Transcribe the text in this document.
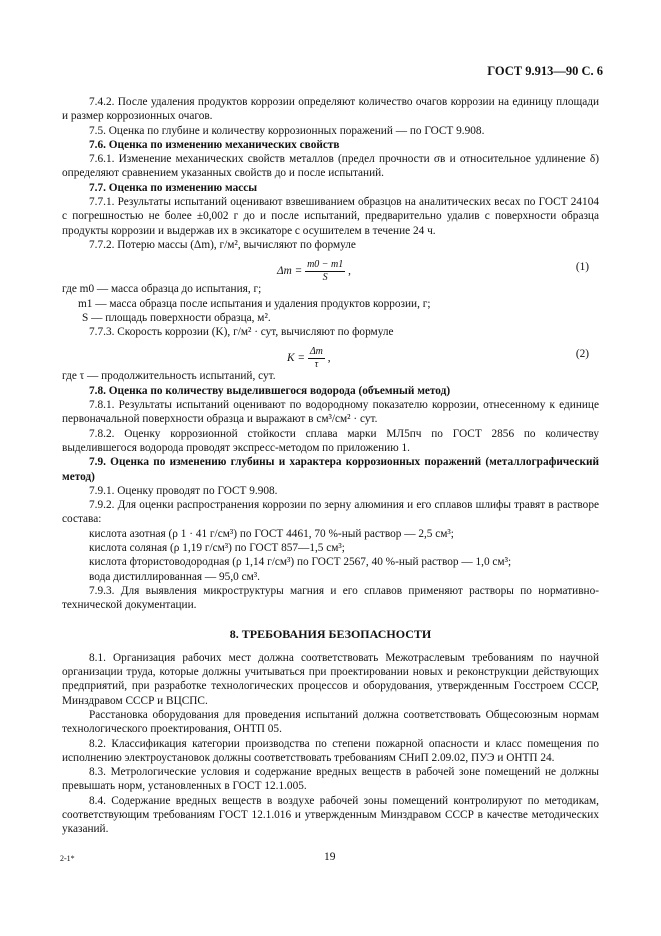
ГОСТ 9.913—90 С. 6

7.4.2. После удаления продуктов коррозии определяют количество очагов коррозии на единицу площади и размер коррозионных очагов.

7.5. Оценка по глубине и количеству коррозионных поражений — по ГОСТ 9.908.

7.6. Оценка по изменению механических свойств

7.6.1. Изменение механических свойств металлов (предел прочности σв и относительное удлинение δ) определяют сравнением указанных свойств до и после испытаний.

7.7. Оценка по изменению массы

7.7.1. Результаты испытаний оценивают взвешиванием образцов на аналитических весах по ГОСТ 24104 с погрешностью не более ±0,002 г до и после испытаний, предварительно удалив с поверхности образца продукты коррозии и выдержав их в эксикаторе с осушителем в течение 24 ч.

7.7.2. Потерю массы (Δm), г/м², вычисляют по формуле

$\Delta m = \frac{m0 - m1}{S}$ ,	(1)

где m0 — масса образца до испытания, г;

m1 — масса образца после испытания и удаления продуктов коррозии, г;

S — площадь поверхности образца, м².

7.7.3. Скорость коррозии (K), г/м² · сут, вычисляют по формуле

$K = \frac{\Delta m}{\tau}$ ,	(2)

где τ — продолжительность испытаний, сут.

7.8. Оценка по количеству выделившегося водорода (объемный метод)

7.8.1. Результаты испытаний оценивают по водородному показателю коррозии, отнесенному к единице первоначальной поверхности образца и выражают в см³/см² · сут.

7.8.2. Оценку коррозионной стойкости сплава марки МЛ5пч по ГОСТ 2856 по количеству выделившегося водорода проводят экспресс-методом по приложению 1.

7.9. Оценка по изменению глубины и характера коррозионных поражений (металлографический метод)

7.9.1. Оценку проводят по ГОСТ 9.908.

7.9.2. Для оценки распространения коррозии по зерну алюминия и его сплавов шлифы травят в растворе состава:

кислота азотная (ρ 1 · 41 г/см³) по ГОСТ 4461, 70 %-ный раствор — 2,5 см³;

кислота соляная (ρ 1,19 г/см³) по ГОСТ 857—1,5 см³;

кислота фтористоводородная (ρ 1,14 г/см³) по ГОСТ 2567, 40 %-ный раствор — 1,0 см³;

вода дистиллированная — 95,0 см³.

7.9.3. Для выявления микроструктуры магния и его сплавов применяют растворы по нормативно-технической документации.

8. ТРЕБОВАНИЯ БЕЗОПАСНОСТИ

8.1. Организация рабочих мест должна соответствовать Межотраслевым требованиям по научной организации труда, которые должны учитываться при проектировании новых и реконструкции действующих предприятий, при разработке технологических процессов и оборудования, утвержденным Госстроем СССР, Минздравом СССР и ВЦСПС.

Расстановка оборудования для проведения испытаний должна соответствовать Общесоюзным нормам технологического проектирования, ОНТП 05.

8.2. Классификация категории производства по степени пожарной опасности и класс помещения по исполнению электроустановок должны соответствовать требованиям СНиП 2.09.02, ПУЭ и ОНТП 24.

8.3. Метрологические условия и содержание вредных веществ в рабочей зоне помещений не должны превышать норм, установленных в ГОСТ 12.1.005.

8.4. Содержание вредных веществ в воздухе рабочей зоны помещений контролируют по методикам, соответствующим требованиям ГОСТ 12.1.016 и утвержденным Минздравом СССР в качестве методических указаний.

2-1*	19
